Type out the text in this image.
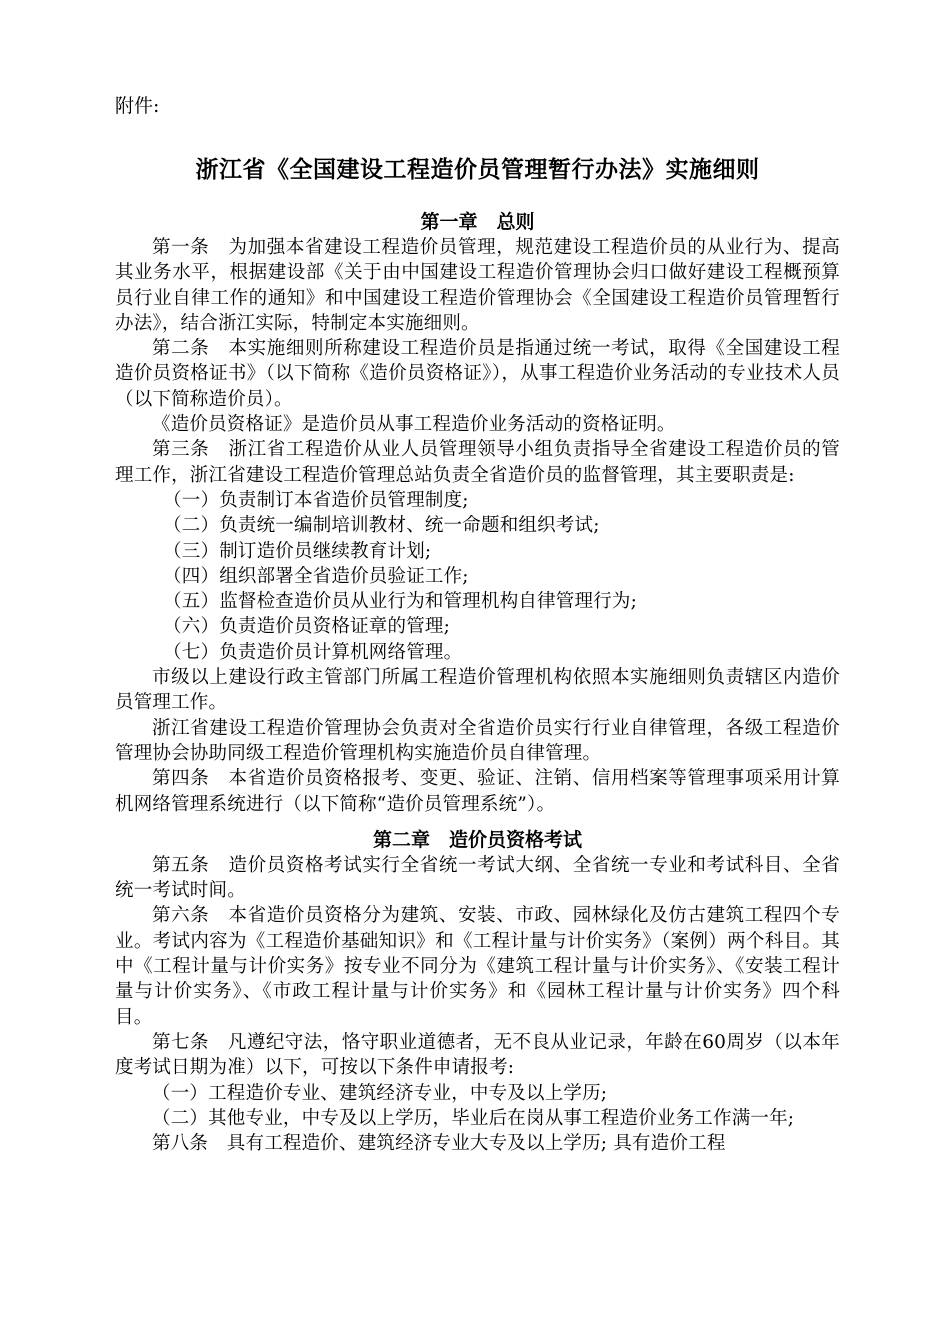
附件:

浙江省《全国建设工程造价员管理暂行办法》实施细则
第一章　总则

第一条　为加强本省建设工程造价员管理，规范建设工程造价员的从业行为、提高其业务水平，根据建设部《关于由中国建设工程造价管理协会归口做好建设工程概预算员行业自律工作的通知》和中国建设工程造价管理协会《全国建设工程造价员管理暂行办法》，结合浙江实际，特制定本实施细则。

第二条　本实施细则所称建设工程造价员是指通过统一考试，取得《全国建设工程造价员资格证书》（以下简称《造价员资格证》），从事工程造价业务活动的专业技术人员（以下简称造价员）。

《造价员资格证》是造价员从事工程造价业务活动的资格证明。

第三条　浙江省工程造价从业人员管理领导小组负责指导全省建设工程造价员的管理工作，浙江省建设工程造价管理总站负责全省造价员的监督管理，其主要职责是:

（一）负责制订本省造价员管理制度;

（二）负责统一编制培训教材、统一命题和组织考试;

（三）制订造价员继续教育计划;

（四）组织部署全省造价员验证工作;

（五）监督检查造价员从业行为和管理机构自律管理行为;

（六）负责造价员资格证章的管理;

（七）负责造价员计算机网络管理。

市级以上建设行政主管部门所属工程造价管理机构依照本实施细则负责辖区内造价员管理工作。

浙江省建设工程造价管理协会负责对全省造价员实行行业自律管理，各级工程造价管理协会协助同级工程造价管理机构实施造价员自律管理。

第四条　本省造价员资格报考、变更、验证、注销、信用档案等管理事项采用计算机网络管理系统进行（以下简称“造价员管理系统”）。

第二章　造价员资格考试

第五条　造价员资格考试实行全省统一考试大纲、全省统一专业和考试科目、全省统一考试时间。

第六条　本省造价员资格分为建筑、安装、市政、园林绿化及仿古建筑工程四个专业。考试内容为《工程造价基础知识》和《工程计量与计价实务》（案例）两个科目。其中《工程计量与计价实务》按专业不同分为《建筑工程计量与计价实务》、《安装工程计量与计价实务》、《市政工程计量与计价实务》和《园林工程计量与计价实务》四个科目。

第七条　凡遵纪守法，恪守职业道德者，无不良从业记录，年龄在60周岁（以本年度考试日期为准）以下，可按以下条件申请报考:

（一）工程造价专业、建筑经济专业，中专及以上学历;

（二）其他专业，中专及以上学历，毕业后在岗从事工程造价业务工作满一年;

第八条　具有工程造价、建筑经济专业大专及以上学历; 具有造价工程
